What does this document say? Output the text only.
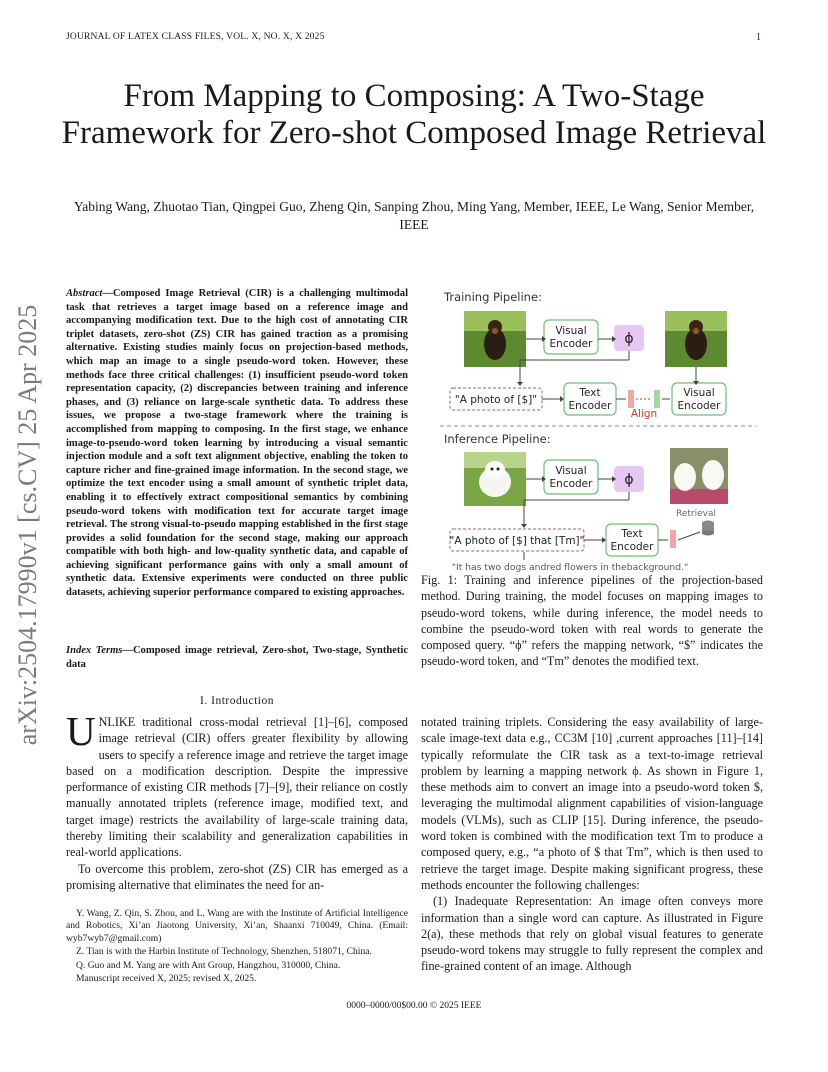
JOURNAL OF LATEX CLASS FILES, VOL. X, NO. X, X 2025	1
From Mapping to Composing: A Two-Stage Framework for Zero-shot Composed Image Retrieval
Yabing Wang, Zhuotao Tian, Qingpei Guo, Zheng Qin, Sanping Zhou, Ming Yang, Member, IEEE, Le Wang, Senior Member, IEEE
arXiv:2504.17990v1 [cs.CV] 25 Apr 2025
Abstract—Composed Image Retrieval (CIR) is a challenging multimodal task that retrieves a target image based on a reference image and accompanying modification text. Due to the high cost of annotating CIR triplet datasets, zero-shot (ZS) CIR has gained traction as a promising alternative. Existing studies mainly focus on projection-based methods, which map an image to a single pseudo-word token. However, these methods face three critical challenges: (1) insufficient pseudo-word token representation capacity, (2) discrepancies between training and inference phases, and (3) reliance on large-scale synthetic data. To address these issues, we propose a two-stage framework where the training is accomplished from mapping to composing. In the first stage, we enhance image-to-pseudo-word token learning by introducing a visual semantic injection module and a soft text alignment objective, enabling the token to capture richer and fine-grained image information. In the second stage, we optimize the text encoder using a small amount of synthetic triplet data, enabling it to effectively extract compositional semantics by combining pseudo-word tokens with modification text for accurate target image retrieval. The strong visual-to-pseudo mapping established in the first stage provides a solid foundation for the second stage, making our approach compatible with both high- and low-quality synthetic data, and capable of achieving significant performance gains with only a small amount of synthetic data. Extensive experiments were conducted on three public datasets, achieving superior performance compared to existing approaches.
Index Terms—Composed image retrieval, Zero-shot, Two-stage, Synthetic data
I. Introduction
UNLIKE traditional cross-modal retrieval [1]–[6], composed image retrieval (CIR) offers greater flexibility by allowing users to specify a reference image and retrieve the target image based on a modification description. Despite the impressive performance of existing CIR methods [7]–[9], their reliance on costly manually annotated triplets (reference image, modified text, and target image) restricts the availability of large-scale training data, thereby limiting their scalability and generalization capabilities in real-world applications.
To overcome this problem, zero-shot (ZS) CIR has emerged as a promising alternative that eliminates the need for an-

Y. Wang, Z. Qin, S. Zhou, and L. Wang are with the Institute of Artificial Intelligence and Robotics, Xi’an Jiaotong University, Xi’an, Shaanxi 710049, China. (Email: wyb7wyb7@gmail.com)

Z. Tian is with the Harbin Institute of Technology, Shenzhen, 518071, China.

Q. Guo and M. Yang are with Ant Group, Hangzhou, 310000, China.

Manuscript received X, 2025; revised X, 2025.

Training Pipeline:
Visual
Encoder ϕ
"A photo of [$]"
Text
Encoder
Align
Visual
Encoder
Inference Pipeline:
Visual
Encoder ϕ
Retrieval
"A photo of [$] that [Tm]"
Text
Encoder
"It has two dogs andred flowers in thebackground."
Fig. 1: Training and inference pipelines of the projection-based method. During training, the model focuses on mapping images to pseudo-word tokens, while during inference, the model needs to combine the pseudo-word token with real words to generate the composed query. “ϕ” refers the mapping network, “$” indicates the pseudo-word token, and “Tm” denotes the modified text.

notated training triplets. Considering the easy availability of large-scale image-text data e.g., CC3M [10] ,current approaches [11]–[14] typically reformulate the CIR task as a text-to-image retrieval problem by learning a mapping network ϕ. As shown in Figure 1, these methods aim to convert an image into a pseudo-word token $, leveraging the multimodal alignment capabilities of vision-language models (VLMs), such as CLIP [15]. During inference, the pseudo-word token is combined with the modification text Tm to produce a composed query, e.g., “a photo of $ that Tm”, which is then used to retrieve the target image. Despite making significant progress, these methods encounter the following challenges:

(1) Inadequate Representation: An image often conveys more information than a single word can capture. As illustrated in Figure 2(a), these methods that rely on global visual features to generate pseudo-word tokens may struggle to fully represent the complex and fine-grained content of an image. Although

0000–0000/00$00.00 © 2025 IEEE
